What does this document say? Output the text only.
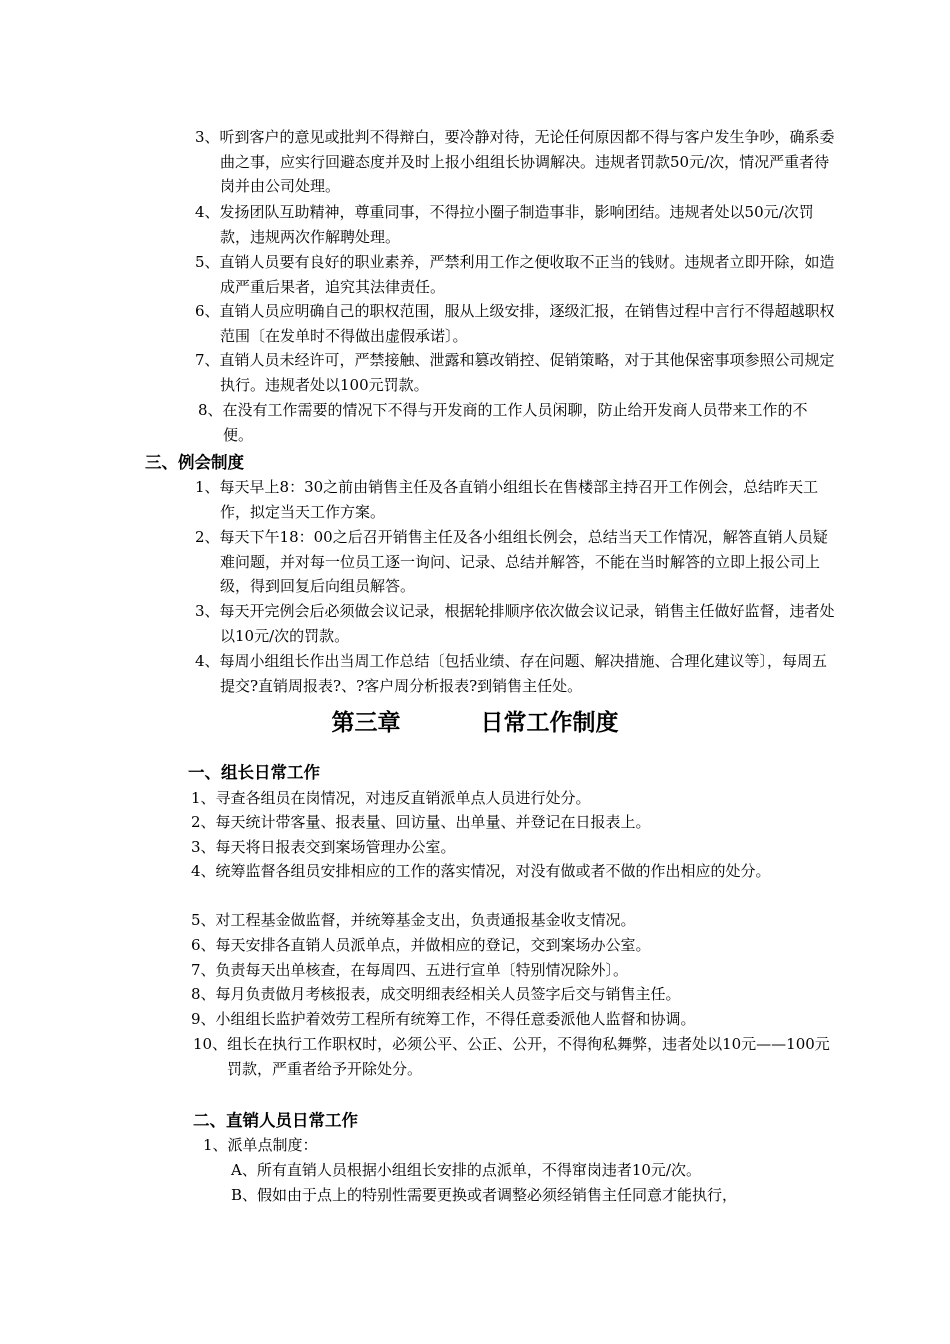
3、听到客户的意见或批判不得辩白，要冷静对待，无论任何原因都不得与客户发生争吵，确系委曲之事，应实行回避态度并及时上报小组组长协调解决。违规者罚款50元/次，情况严重者待岗并由公司处理。
4、发扬团队互助精神，尊重同事，不得拉小圈子制造事非，影响团结。违规者处以50元/次罚款，违规两次作解聘处理。
5、直销人员要有良好的职业素养，严禁利用工作之便收取不正当的钱财。违规者立即开除，如造成严重后果者，追究其法律责任。
6、直销人员应明确自己的职权范围，服从上级安排，逐级汇报，在销售过程中言行不得超越职权范围〔在发单时不得做出虚假承诺〕。
7、直销人员未经许可，严禁接触、泄露和篡改销控、促销策略，对于其他保密事项参照公司规定执行。违规者处以100元罚款。
8、在没有工作需要的情况下不得与开发商的工作人员闲聊，防止给开发商人员带来工作的不便。
三、例会制度
1、每天早上8：30之前由销售主任及各直销小组组长在售楼部主持召开工作例会，总结昨天工作，拟定当天工作方案。
2、每天下午18：00之后召开销售主任及各小组组长例会，总结当天工作情况，解答直销人员疑难问题，并对每一位员工逐一询问、记录、总结并解答，不能在当时解答的立即上报公司上级，得到回复后向组员解答。
3、每天开完例会后必须做会议记录，根据轮排顺序依次做会议记录，销售主任做好监督，违者处以10元/次的罚款。
4、每周小组组长作出当周工作总结〔包括业绩、存在问题、解决措施、合理化建议等〕，每周五提交?直销周报表?、?客户周分析报表?到销售主任处。
第三章	日常工作制度
一、组长日常工作
1、寻查各组员在岗情况，对违反直销派单点人员进行处分。
2、每天统计带客量、报表量、回访量、出单量、并登记在日报表上。
3、每天将日报表交到案场管理办公室。
4、统筹监督各组员安排相应的工作的落实情况，对没有做或者不做的作出相应的处分。
5、对工程基金做监督，并统筹基金支出，负责通报基金收支情况。
6、每天安排各直销人员派单点，并做相应的登记，交到案场办公室。
7、负责每天出单核查，在每周四、五进行宣单〔特别情况除外〕。
8、每月负责做月考核报表，成交明细表经相关人员签字后交与销售主任。
9、小组组长监护着效劳工程所有统筹工作，不得任意委派他人监督和协调。
10、组长在执行工作职权时，必须公平、公正、公开，不得徇私舞弊，违者处以10元——100元罚款，严重者给予开除处分。
二、直销人员日常工作
1、派单点制度：
A、所有直销人员根据小组组长安排的点派单，不得窜岗违者10元/次。
B、假如由于点上的特别性需要更换或者调整必须经销售主任同意才能执行，
